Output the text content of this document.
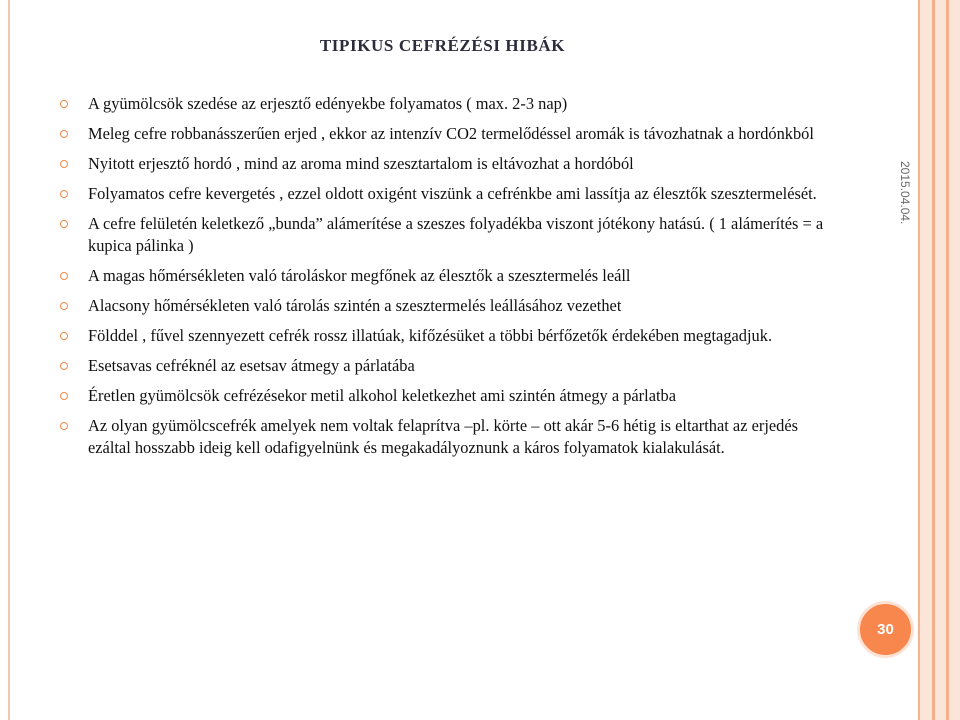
TIPIKUS CEFRÉZÉSI HIBÁK
A gyümölcsök szedése az erjesztő edényekbe folyamatos ( max. 2-3 nap)
Meleg cefre robbanásszerűen erjed , ekkor az intenzív CO2 termelődéssel aromák is távozhatnak a hordónkból
Nyitott erjesztő hordó , mind az aroma mind szesztartalom is eltávozhat a hordóból
Folyamatos cefre kevergetés , ezzel oldott oxigént viszünk a cefrénkbe ami lassítja az élesztők szesztermelését.
A cefre felületén keletkező „bunda” alámerítése a szeszes folyadékba viszont jótékony hatású. ( 1 alámerítés = a kupica pálinka )
A magas hőmérsékleten való tároláskor megfőnek az élesztők a szesztermelés leáll
Alacsony hőmérsékleten való tárolás szintén a szesztermelés leállásához vezethet
Földdel , fűvel szennyezett cefrék rossz illatúak, kifőzésüket a többi bérfőzetők érdekében megtagadjuk.
Esetsavas cefréknél az esetsav átmegy a párlatába
Éretlen gyümölcsök cefrézésekor metil alkohol keletkezhet ami szintén átmegy a párlatba
Az olyan gyümölcscefrék amelyek nem voltak felaprítva –pl. körte – ott akár 5-6 hétig is eltarthat az erjedés ezáltal hosszabb ideig kell odafigyelnünk és megakadályoznunk a káros folyamatok kialakulását.
2015.04.04.
30
